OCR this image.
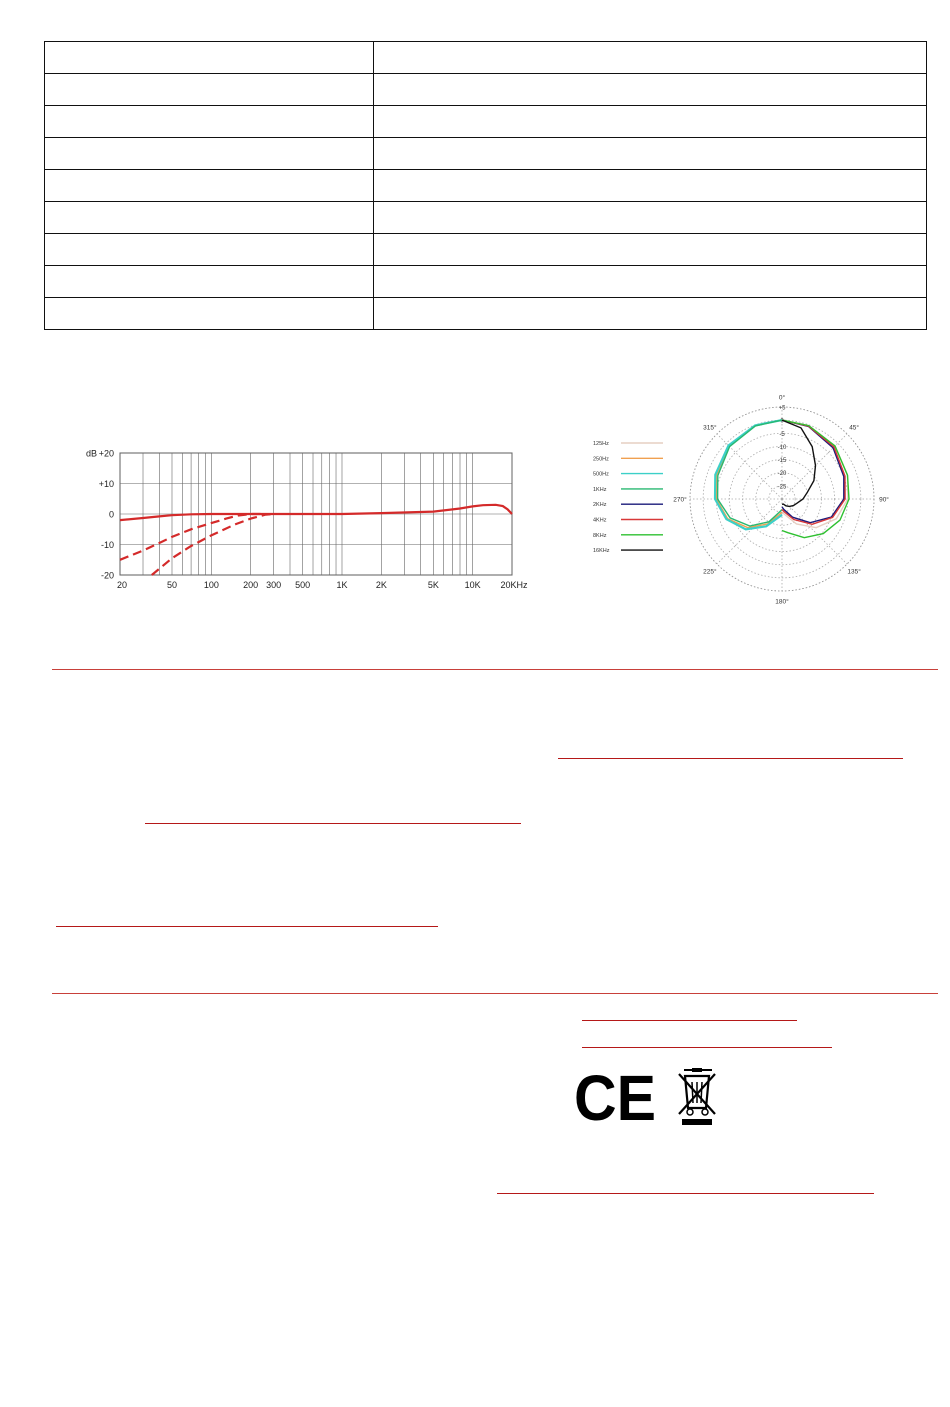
+20
+10
0
-10
-20
dB
20	50	100	200 300 500	1K	2K	5K	10K 20KHz
+5
0
-5
-10
-15
-20
-25
0°
45°
90°
135°
180°
225°
270°
315°
125Hz
250Hz
500Hz
1KHz
2KHz
4KHz
8KHz
16KHz
CE
